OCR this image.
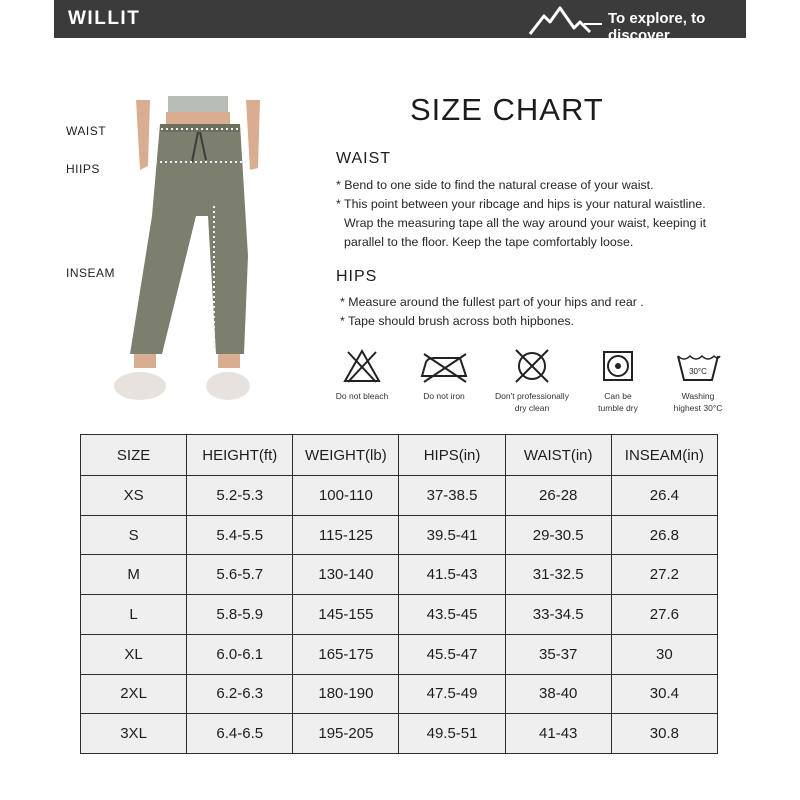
WILLIT	To explore, to discover
WAIST
HIIPS
INSEAM
SIZE CHART
WAIST
* Bend to one side to find the natural crease of your waist.
* This point between your ribcage and hips is your natural waistline.
Wrap the measuring tape all the way around your waist, keeping it
parallel to the floor. Keep the tape comfortably loose.
HIPS
* Measure around the fullest part of your hips and rear .
* Tape should brush across both hipbones.
Do not bleach	Do not iron	Don't professionally
dry clean
Can be
tumble dry
30°C
Washing
highest 30°C
SIZE	HEIGHT(ft)	WEIGHT(lb)	HIPS(in)	WAIST(in)	INSEAM(in)
XS	5.2-5.3	100-110	37-38.5	26-28	26.4
S	5.4-5.5	115-125	39.5-41	29-30.5	26.8
M	5.6-5.7	130-140	41.5-43	31-32.5	27.2
L	5.8-5.9	145-155	43.5-45	33-34.5	27.6
XL	6.0-6.1	165-175	45.5-47	35-37	30
2XL	6.2-6.3	180-190	47.5-49	38-40	30.4
3XL	6.4-6.5	195-205	49.5-51	41-43	30.8
